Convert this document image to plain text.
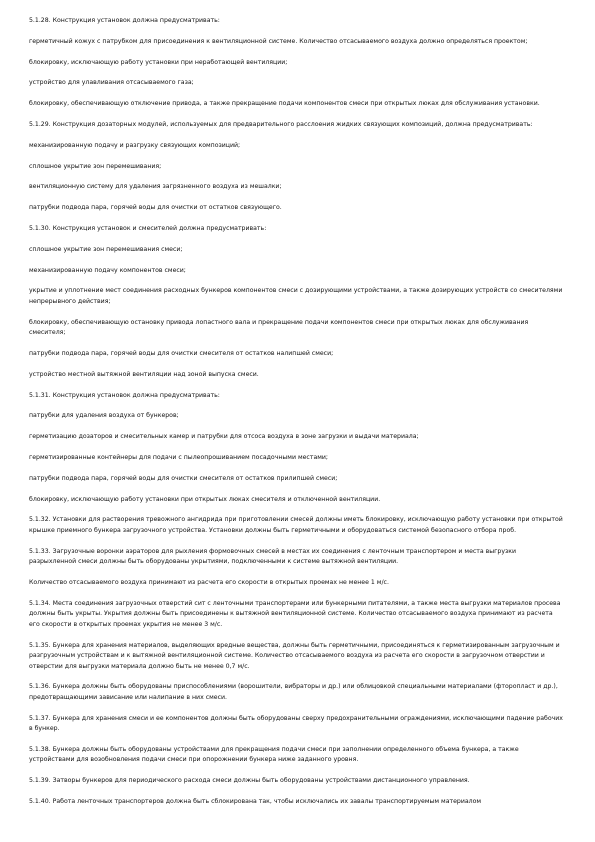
5.1.28. Конструкция установок должна предусматривать:

герметичный кожух с патрубком для присоединения к вентиляционной системе. Количество отсасываемого воздуха должно определяться проектом;

блокировку, исключающую работу установки при неработающей вентиляции;

устройство для улавливания отсасываемого газа;

блокировку, обеспечивающую отключение привода, а также прекращение подачи компонентов смеси при открытых люках для обслуживания установки.

5.1.29. Конструкция дозаторных модулей, используемых для предварительного расслоения жидких связующих композиций, должна предусматривать:

механизированную подачу и разгрузку связующих композиций;

сплошное укрытие зон перемешивания;

вентиляционную систему для удаления загрязненного воздуха из мешалки;

патрубки подвода пара, горячей воды для очистки от остатков связующего.

5.1.30. Конструкция установок и смесителей должна предусматривать:

сплошное укрытие зон перемешивания смеси;

механизированную подачу компонентов смеси;

укрытие и уплотнение мест соединения расходных бункеров компонентов смеси с дозирующими устройствами, а также дозирующих устройств со смесителями непрерывного действия;

блокировку, обеспечивающую остановку привода лопастного вала и прекращение подачи компонентов смеси при открытых люках для обслуживания смесителя;

патрубки подвода пара, горячей воды для очистки смесителя от остатков налипшей смеси;

устройство местной вытяжной вентиляции над зоной выпуска смеси.

5.1.31. Конструкция установок должна предусматривать:

патрубки для удаления воздуха от бункеров;

герметизацию дозаторов и смесительных камер и патрубки для отсоса воздуха в зоне загрузки и выдачи материала;

герметизированные контейнеры для подачи с пылеопрошиванием посадочными местами;

патрубки подвода пара, горячей воды для очистки смесителя от остатков прилипшей смеси;

блокировку, исключающую работу установки при открытых люках смесителя и отключенной вентиляции.

5.1.32. Установки для растворения тревожного ангидрида при приготовлении смесей должны иметь блокировку, исключающую работу установки при открытой крышке приемного бункера загрузочного устройства. Установки должны быть герметичными и оборудоваться системой безопасного отбора проб.

5.1.33. Загрузочные воронки аэраторов для рыхления формовочных смесей в местах их соединения с ленточным транспортером и места выгрузки разрыхленной смеси должны быть оборудованы укрытиями, подключенными к системе вытяжной вентиляции.

Количество отсасываемого воздуха принимают из расчета его скорости в открытых проемах не менее 1 м/с.

5.1.34. Места соединения загрузочных отверстий сит с ленточными транспортерами или бункерными питателями, а также места выгрузки материалов просева должны быть укрыты. Укрытия должны быть присоединены к вытяжной вентиляционной системе. Количество отсасываемого воздуха принимают из расчета его скорости в открытых проемах укрытия не менее 3 м/с.

5.1.35. Бункера для хранения материалов, выделяющих вредные вещества, должны быть герметичными, присоединяться к герметизированным загрузочным и разгрузочным устройствам и к вытяжной вентиляционной системе. Количество отсасываемого воздуха из расчета его скорости в загрузочном отверстии и отверстии для выгрузки материала должно быть не менее 0,7 м/с.

5.1.36. Бункера должны быть оборудованы приспособлениями (ворошители, вибраторы и др.) или облицовкой специальными материалами (фторопласт и др.), предотвращающими зависание или налипание в них смеси.

5.1.37. Бункера для хранения смеси и ее компонентов должны быть оборудованы сверху предохранительными ограждениями, исключающими падение рабочих в бункер.

5.1.38. Бункера должны быть оборудованы устройствами для прекращения подачи смеси при заполнении определенного объема бункера, а также устройствами для возобновления подачи смеси при опорожнении бункера ниже заданного уровня.

5.1.39. Затворы бункеров для периодического расхода смеси должны быть оборудованы устройствами дистанционного управления.

5.1.40. Работа ленточных транспортеров должна быть сблокирована так, чтобы исключались их завалы транспортируемым материалом
